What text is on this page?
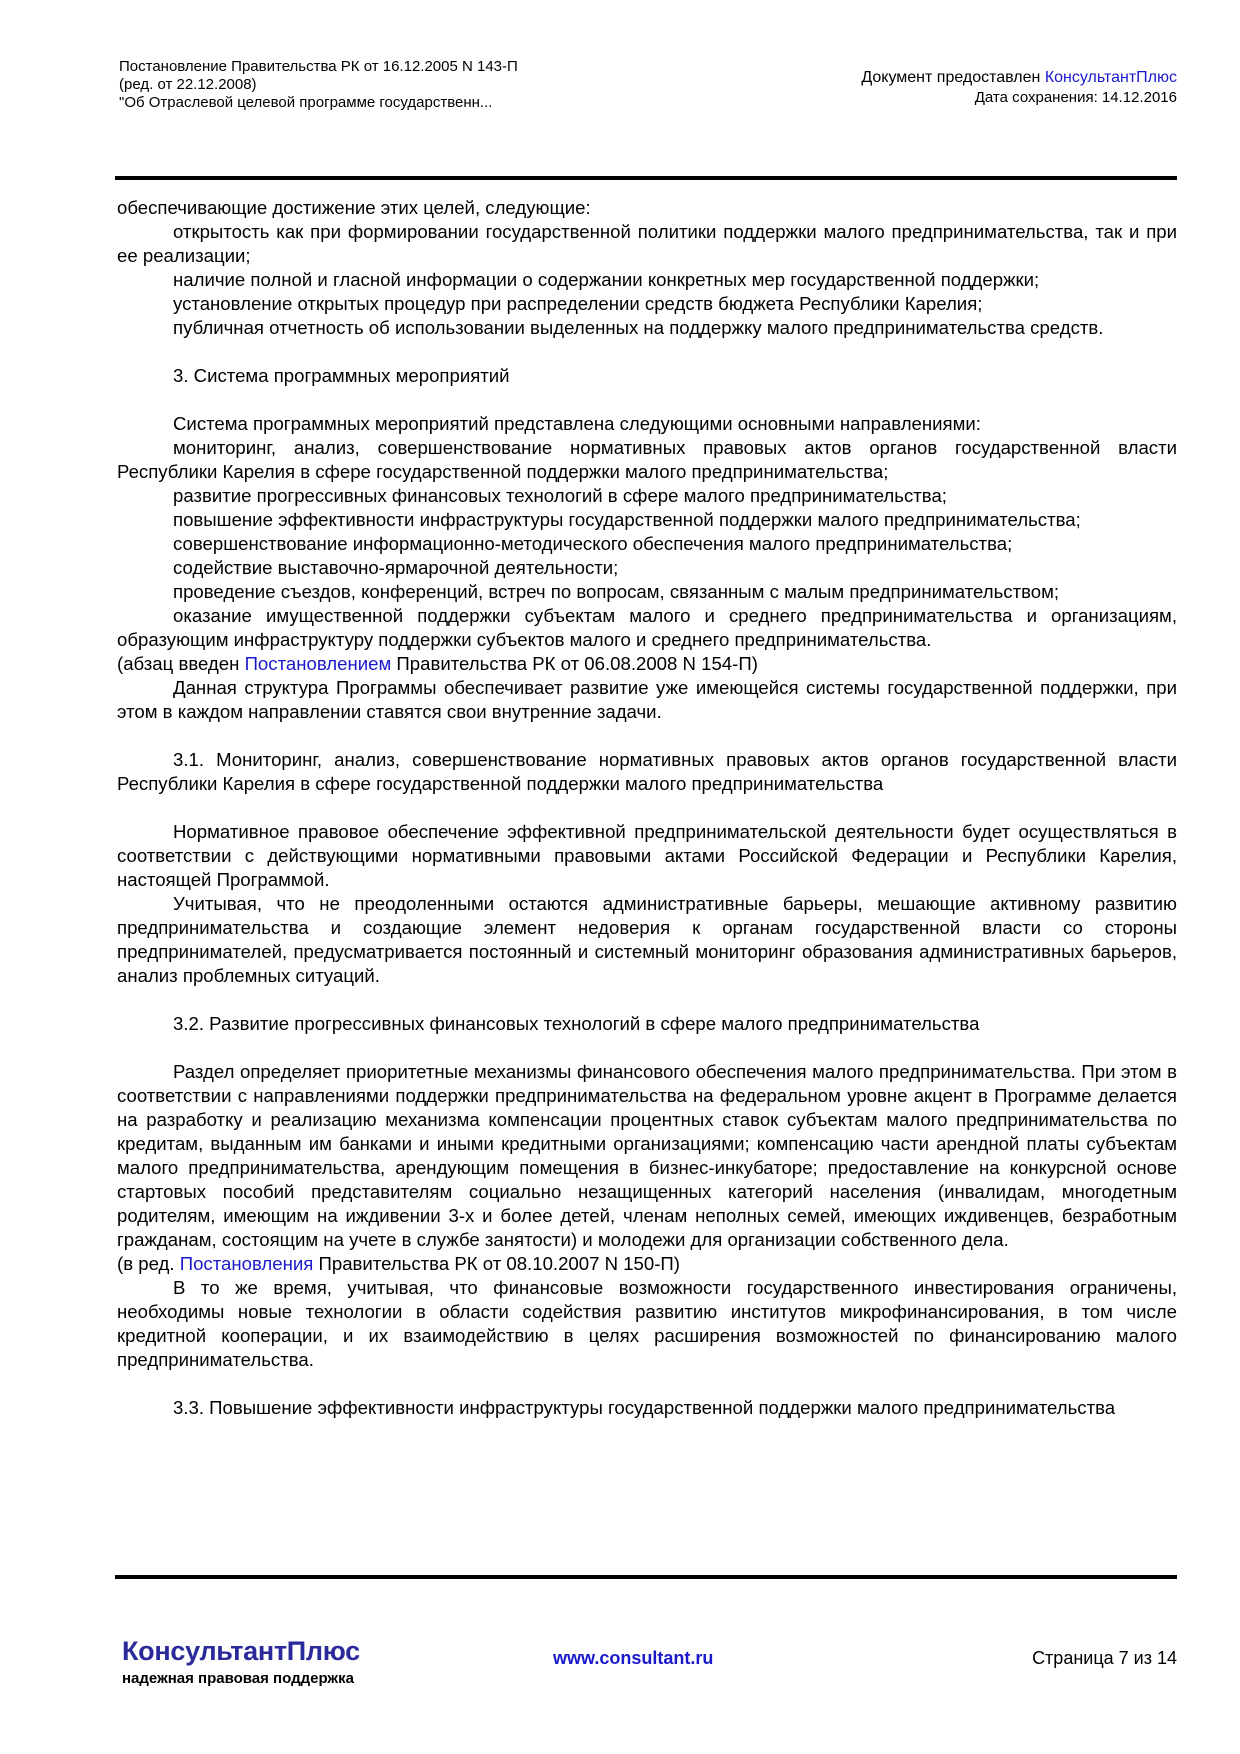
Постановление Правительства РК от 16.12.2005 N 143-П
(ред. от 22.12.2008)
"Об Отраслевой целевой программе государственн...
Документ предоставлен КонсультантПлюс
Дата сохранения: 14.12.2016

обеспечивающие достижение этих целей, следующие:

открытость как при формировании государственной политики поддержки малого предпринимательства, так и при ее реализации;

наличие полной и гласной информации о содержании конкретных мер государственной поддержки;

установление открытых процедур при распределении средств бюджета Республики Карелия;

публичная отчетность об использовании выделенных на поддержку малого предпринимательства средств.

3. Система программных мероприятий

Система программных мероприятий представлена следующими основными направлениями:

мониторинг, анализ, совершенствование нормативных правовых актов органов государственной власти Республики Карелия в сфере государственной поддержки малого предпринимательства;

развитие прогрессивных финансовых технологий в сфере малого предпринимательства;

повышение эффективности инфраструктуры государственной поддержки малого предпринимательства;

совершенствование информационно-методического обеспечения малого предпринимательства;

содействие выставочно-ярмарочной деятельности;

проведение съездов, конференций, встреч по вопросам, связанным с малым предпринимательством;

оказание имущественной поддержки субъектам малого и среднего предпринимательства и организациям, образующим инфраструктуру поддержки субъектов малого и среднего предпринимательства.

(абзац введен Постановлением Правительства РК от 06.08.2008 N 154-П)

Данная структура Программы обеспечивает развитие уже имеющейся системы государственной поддержки, при этом в каждом направлении ставятся свои внутренние задачи.

3.1. Мониторинг, анализ, совершенствование нормативных правовых актов органов государственной власти Республики Карелия в сфере государственной поддержки малого предпринимательства

Нормативное правовое обеспечение эффективной предпринимательской деятельности будет осуществляться в соответствии с действующими нормативными правовыми актами Российской Федерации и Республики Карелия, настоящей Программой.

Учитывая, что не преодоленными остаются административные барьеры, мешающие активному развитию предпринимательства и создающие элемент недоверия к органам государственной власти со стороны предпринимателей, предусматривается постоянный и системный мониторинг образования административных барьеров, анализ проблемных ситуаций.

3.2. Развитие прогрессивных финансовых технологий в сфере малого предпринимательства

Раздел определяет приоритетные механизмы финансового обеспечения малого предпринимательства. При этом в соответствии с направлениями поддержки предпринимательства на федеральном уровне акцент в Программе делается на разработку и реализацию механизма компенсации процентных ставок субъектам малого предпринимательства по кредитам, выданным им банками и иными кредитными организациями; компенсацию части арендной платы субъектам малого предпринимательства, арендующим помещения в бизнес-инкубаторе; предоставление на конкурсной основе стартовых пособий представителям социально незащищенных категорий населения (инвалидам, многодетным родителям, имеющим на иждивении 3-х и более детей, членам неполных семей, имеющих иждивенцев, безработным гражданам, состоящим на учете в службе занятости) и молодежи для организации собственного дела.

(в ред. Постановления Правительства РК от 08.10.2007 N 150-П)

В то же время, учитывая, что финансовые возможности государственного инвестирования ограничены, необходимы новые технологии в области содействия развитию институтов микрофинансирования, в том числе кредитной кооперации, и их взаимодействию в целях расширения возможностей по финансированию малого предпринимательства.

3.3. Повышение эффективности инфраструктуры государственной поддержки малого предпринимательства

КонсультантПлюс
надежная правовая поддержка
www.consultant.ru	Страница 7 из 14
